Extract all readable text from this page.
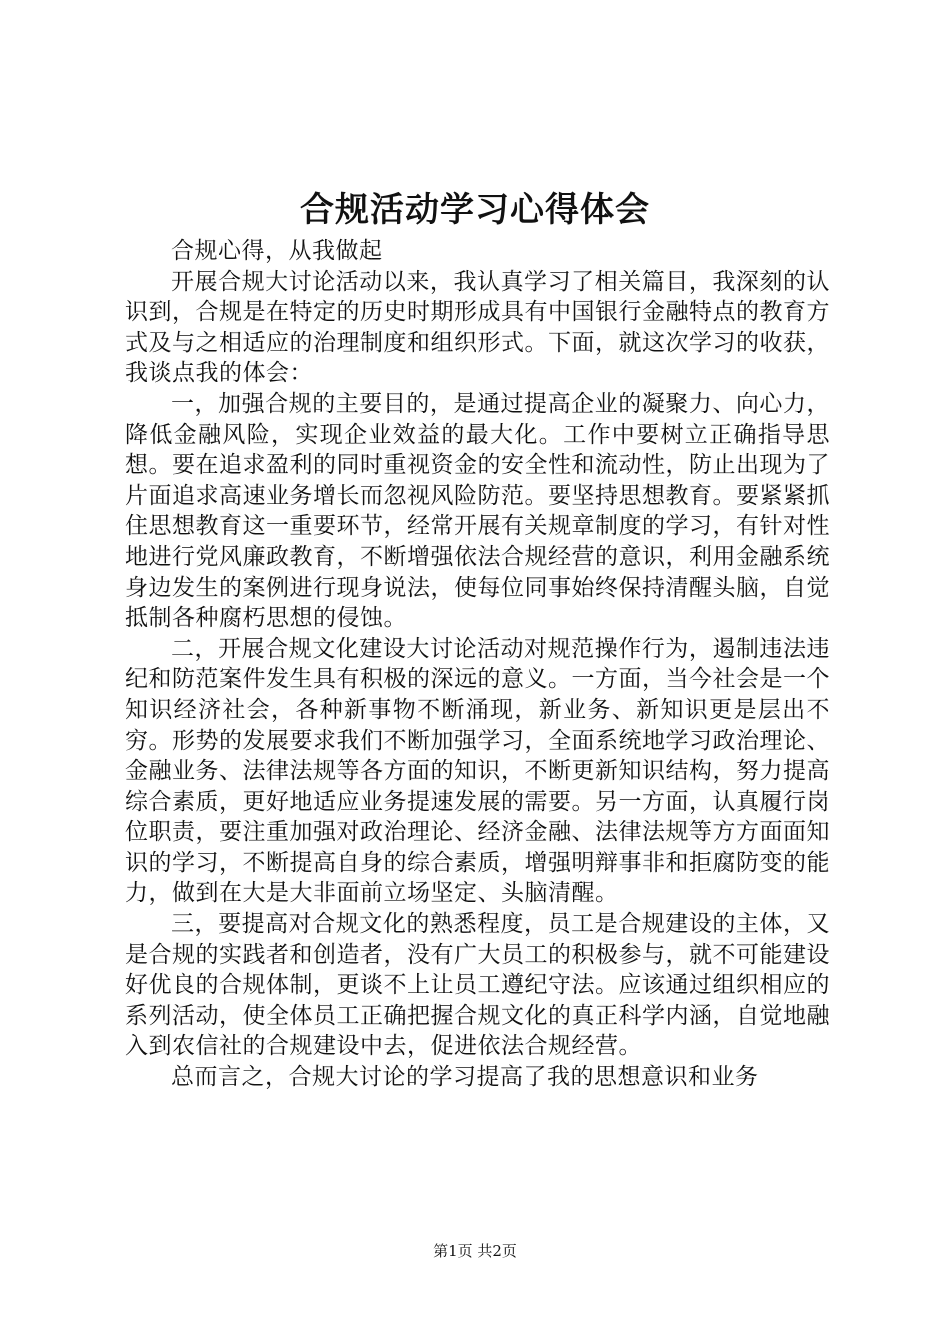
合规活动学习心得体会

合规心得，从我做起

开展合规大讨论活动以来，我认真学习了相关篇目，我深刻的认识到，合规是在特定的历史时期形成具有中国银行金融特点的教育方式及与之相适应的治理制度和组织形式。下面，就这次学习的收获，我谈点我的体会：

一，加强合规的主要目的，是通过提高企业的凝聚力、向心力，降低金融风险，实现企业效益的最大化。工作中要树立正确指导思想。要在追求盈利的同时重视资金的安全性和流动性，防止出现为了片面追求高速业务增长而忽视风险防范。要坚持思想教育。要紧紧抓住思想教育这一重要环节，经常开展有关规章制度的学习，有针对性地进行党风廉政教育，不断增强依法合规经营的意识，利用金融系统身边发生的案例进行现身说法，使每位同事始终保持清醒头脑，自觉抵制各种腐朽思想的侵蚀。

二，开展合规文化建设大讨论活动对规范操作行为，遏制违法违纪和防范案件发生具有积极的深远的意义。一方面，当今社会是一个知识经济社会，各种新事物不断涌现，新业务、新知识更是层出不穷。形势的发展要求我们不断加强学习，全面系统地学习政治理论、金融业务、法律法规等各方面的知识，不断更新知识结构，努力提高综合素质，更好地适应业务提速发展的需要。另一方面，认真履行岗位职责，要注重加强对政治理论、经济金融、法律法规等方方面面知识的学习，不断提高自身的综合素质，增强明辩事非和拒腐防变的能力，做到在大是大非面前立场坚定、头脑清醒。

三，要提高对合规文化的熟悉程度，员工是合规建设的主体，又是合规的实践者和创造者，没有广大员工的积极参与，就不可能建设好优良的合规体制，更谈不上让员工遵纪守法。应该通过组织相应的系列活动，使全体员工正确把握合规文化的真正科学内涵，自觉地融入到农信社的合规建设中去，促进依法合规经营。

总而言之，合规大讨论的学习提高了我的思想意识和业务

第1页 共2页
